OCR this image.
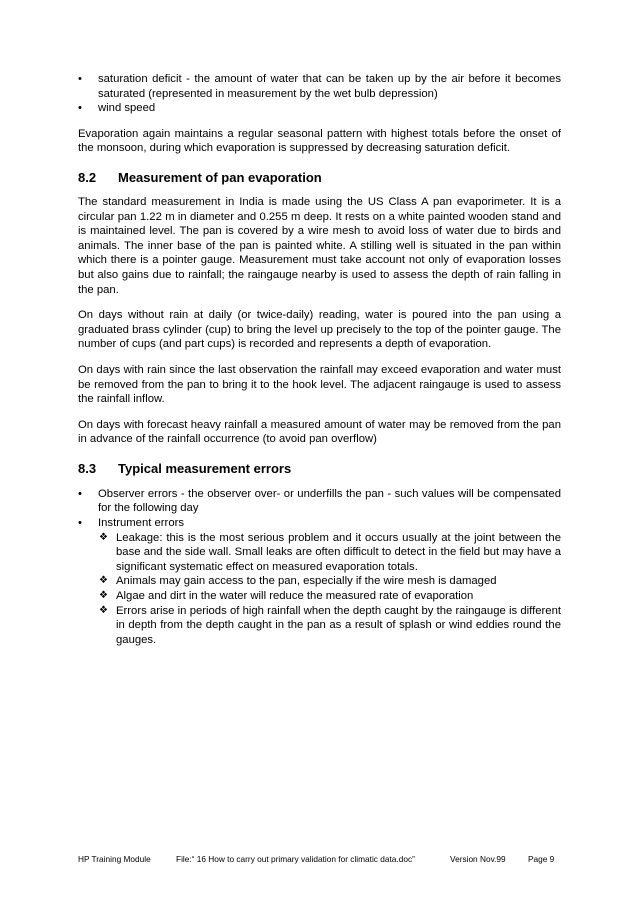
• saturation deficit - the amount of water that can be taken up by the air before it becomes saturated (represented in measurement by the wet bulb depression)
• wind speed

Evaporation again maintains a regular seasonal pattern with highest totals before the onset of the monsoon, during which evaporation is suppressed by decreasing saturation deficit.

8.2	Measurement of pan evaporation

The standard measurement in India is made using the US Class A pan evaporimeter. It is a circular pan 1.22 m in diameter and 0.255 m deep. It rests on a white painted wooden stand and is maintained level. The pan is covered by a wire mesh to avoid loss of water due to birds and animals. The inner base of the pan is painted white. A stilling well is situated in the pan within which there is a pointer gauge. Measurement must take account not only of evaporation losses but also gains due to rainfall; the raingauge nearby is used to assess the depth of rain falling in the pan.

On days without rain at daily (or twice-daily) reading, water is poured into the pan using a graduated brass cylinder (cup) to bring the level up precisely to the top of the pointer gauge. The number of cups (and part cups) is recorded and represents a depth of evaporation.

On days with rain since the last observation the rainfall may exceed evaporation and water must be removed from the pan to bring it to the hook level. The adjacent raingauge is used to assess the rainfall inflow.

On days with forecast heavy rainfall a measured amount of water may be removed from the pan in advance of the rainfall occurrence (to avoid pan overflow)

8.3	Typical measurement errors
• Observer errors - the observer over- or underfills the pan - such values will be compensated for the following day
• Instrument errors
❖ Leakage: this is the most serious problem and it occurs usually at the joint between the base and the side wall. Small leaks are often difficult to detect in the field but may have a significant systematic effect on measured evaporation totals.
❖ Animals may gain access to the pan, especially if the wire mesh is damaged
❖ Algae and dirt in the water will reduce the measured rate of evaporation
❖ Errors arise in periods of high rainfall when the depth caught by the raingauge is different in depth from the depth caught in the pan as a result of splash or wind eddies round the gauges.
HP Training Module	File:“ 16 How to carry out primary validation for climatic data.doc”	Version Nov.99	Page 9
